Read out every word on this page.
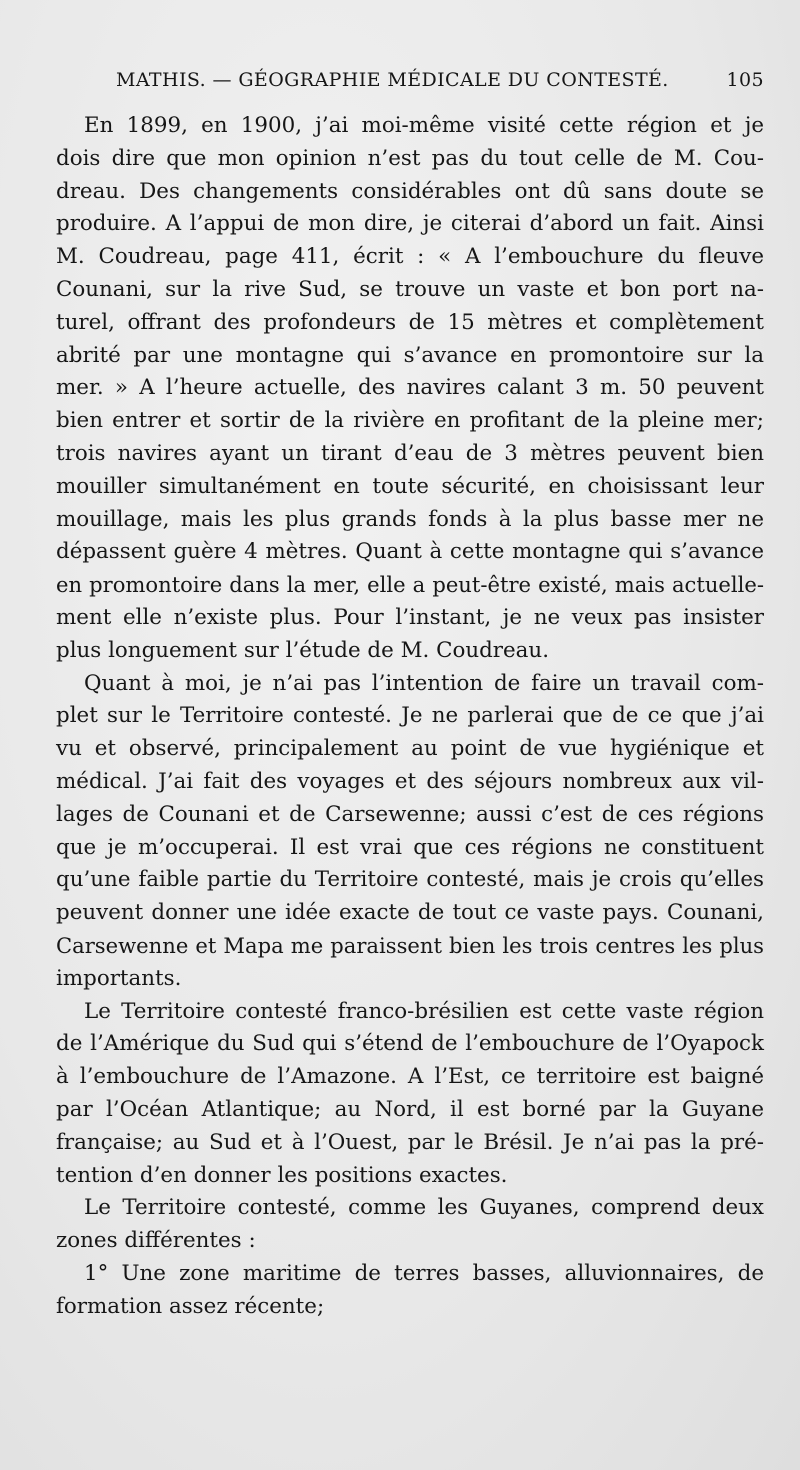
MATHIS. — GÉOGRAPHIE MÉDICALE DU CONTESTÉ.	105
En 1899, en 1900, j’ai moi-même visité cette région et je
dois dire que mon opinion n’est pas du tout celle de M. Cou-
dreau. Des changements considérables ont dû sans doute se
produire. A l’appui de mon dire, je citerai d’abord un fait. Ainsi
M. Coudreau, page 411, écrit : « A l’embouchure du fleuve
Counani, sur la rive Sud, se trouve un vaste et bon port na-
turel, offrant des profondeurs de 15 mètres et complètement
abrité par une montagne qui s’avance en promontoire sur la
mer. » A l’heure actuelle, des navires calant 3 m. 50 peuvent
bien entrer et sortir de la rivière en profitant de la pleine mer;
trois navires ayant un tirant d’eau de 3 mètres peuvent bien
mouiller simultanément en toute sécurité, en choisissant leur
mouillage, mais les plus grands fonds à la plus basse mer ne
dépassent guère 4 mètres. Quant à cette montagne qui s’avance
en promontoire dans la mer, elle a peut-être existé, mais actuelle-
ment elle n’existe plus. Pour l’instant, je ne veux pas insister
plus longuement sur l’étude de M. Coudreau.
Quant à moi, je n’ai pas l’intention de faire un travail com-
plet sur le Territoire contesté. Je ne parlerai que de ce que j’ai
vu et observé, principalement au point de vue hygiénique et
médical. J’ai fait des voyages et des séjours nombreux aux vil-
lages de Counani et de Carsewenne; aussi c’est de ces régions
que je m’occuperai. Il est vrai que ces régions ne constituent
qu’une faible partie du Territoire contesté, mais je crois qu’elles
peuvent donner une idée exacte de tout ce vaste pays. Counani,
Carsewenne et Mapa me paraissent bien les trois centres les plus
importants.
Le Territoire contesté franco-brésilien est cette vaste région
de l’Amérique du Sud qui s’étend de l’embouchure de l’Oyapock
à l’embouchure de l’Amazone. A l’Est, ce territoire est baigné
par l’Océan Atlantique; au Nord, il est borné par la Guyane
française; au Sud et à l’Ouest, par le Brésil. Je n’ai pas la pré-
tention d’en donner les positions exactes.
Le Territoire contesté, comme les Guyanes, comprend deux
zones différentes :
1° Une zone maritime de terres basses, alluvionnaires, de
formation assez récente;
